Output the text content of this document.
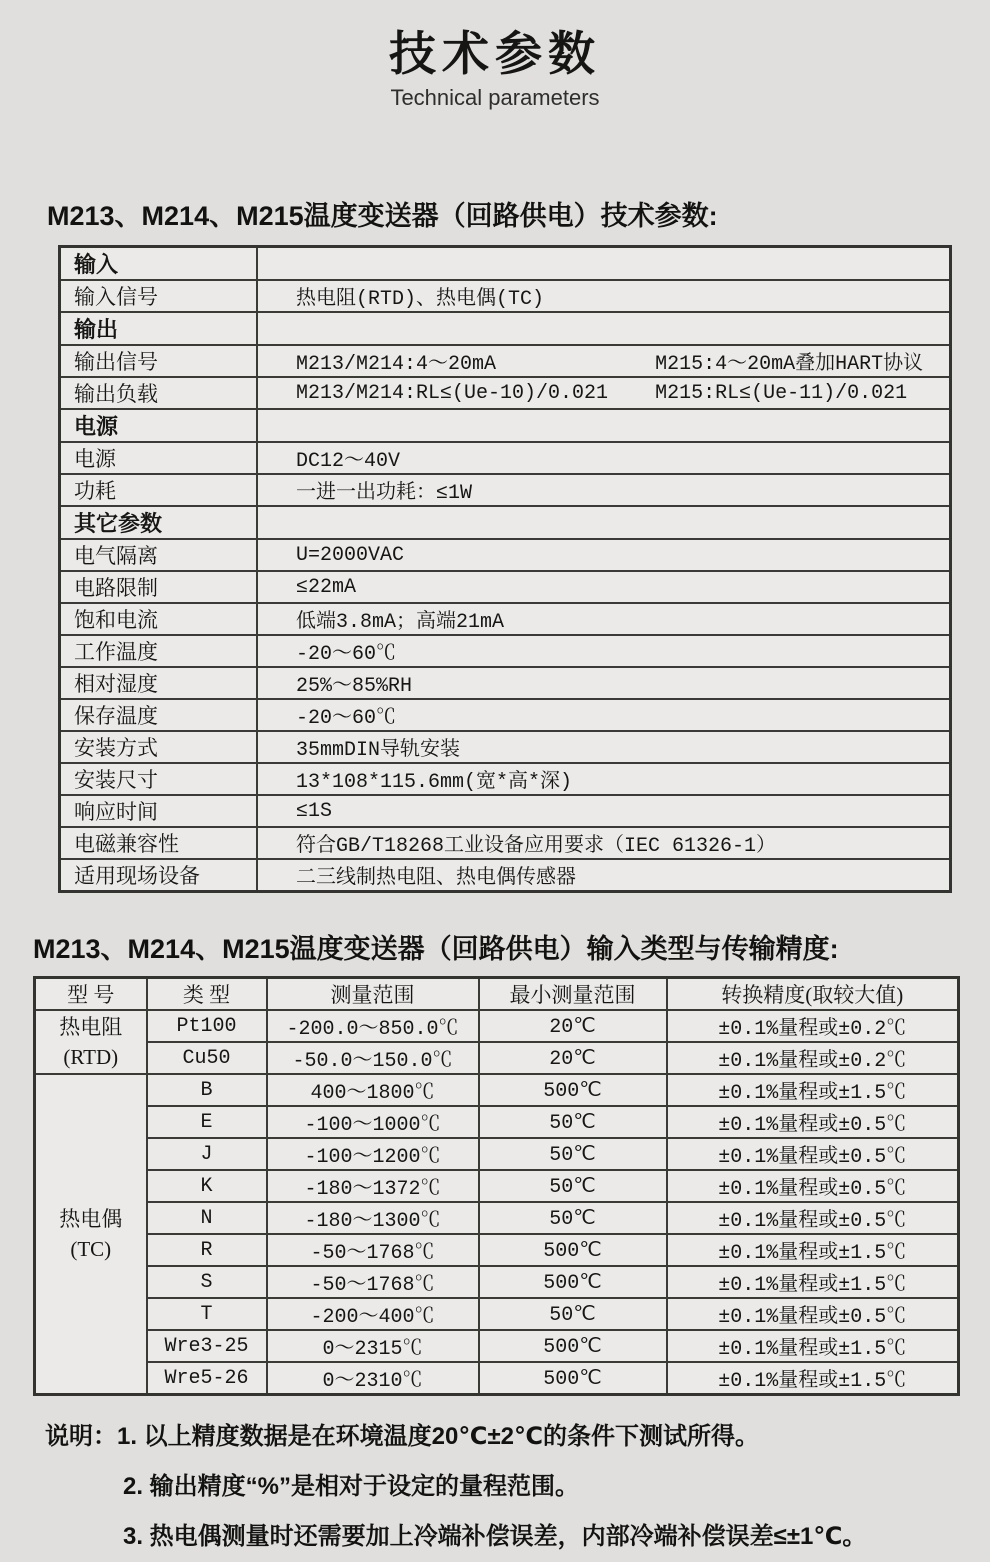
技术参数
Technical parameters
M213、M214、M215温度变送器（回路供电）技术参数:
输入	
输入信号	热电阻(RTD)、热电偶(TC)
输出	
输出信号	M213/M214:4～20mA M215:4～20mA叠加HART协议
输出负载	M213/M214:RL≤(Ue-10)/0.021 M215:RL≤(Ue-11)/0.021
电源	
电源	DC12～40V
功耗	一进一出功耗：≤1W
其它参数	
电气隔离	U=2000VAC
电路限制	≤22mA
饱和电流	低端3.8mA；高端21mA
工作温度	-20～60℃
相对湿度	25%～85%RH
保存温度	-20～60℃
安装方式	35mmDIN导轨安装
安装尺寸	13*108*115.6mm(宽*高*深)
响应时间	≤1S
电磁兼容性	符合GB/T18268工业设备应用要求（IEC 61326-1）
适用现场设备	二三线制热电阻、热电偶传感器
M213、M214、M215温度变送器（回路供电）输入类型与传输精度:
型 号	类 型	测量范围	最小测量范围	转换精度(取较大值)

热电阻
(RTD)	Pt100	-200.0～850.0℃	20℃	±0.1%量程或±0.2℃
	Cu50	-50.0～150.0℃	20℃	±0.1%量程或±0.2℃

热电偶
(TC)	B	400～1800℃	500℃	±0.1%量程或±1.5℃
	E	-100～1000℃	50℃	±0.1%量程或±0.5℃
	J	-100～1200℃	50℃	±0.1%量程或±0.5℃
	K	-180～1372℃	50℃	±0.1%量程或±0.5℃
	N	-180～1300℃	50℃	±0.1%量程或±0.5℃
	R	-50～1768℃	500℃	±0.1%量程或±1.5℃
	S	-50～1768℃	500℃	±0.1%量程或±1.5℃
	T	-200～400℃	50℃	±0.1%量程或±0.5℃
	Wre3-25	0～2315℃	500℃	±0.1%量程或±1.5℃
	Wre5-26	0～2310℃	500℃	±0.1%量程或±1.5℃
说明：1. 以上精度数据是在环境温度20℃±2℃的条件下测试所得。
2. 输出精度“%”是相对于设定的量程范围。
3. 热电偶测量时还需要加上冷端补偿误差，内部冷端补偿误差≤±1℃。
